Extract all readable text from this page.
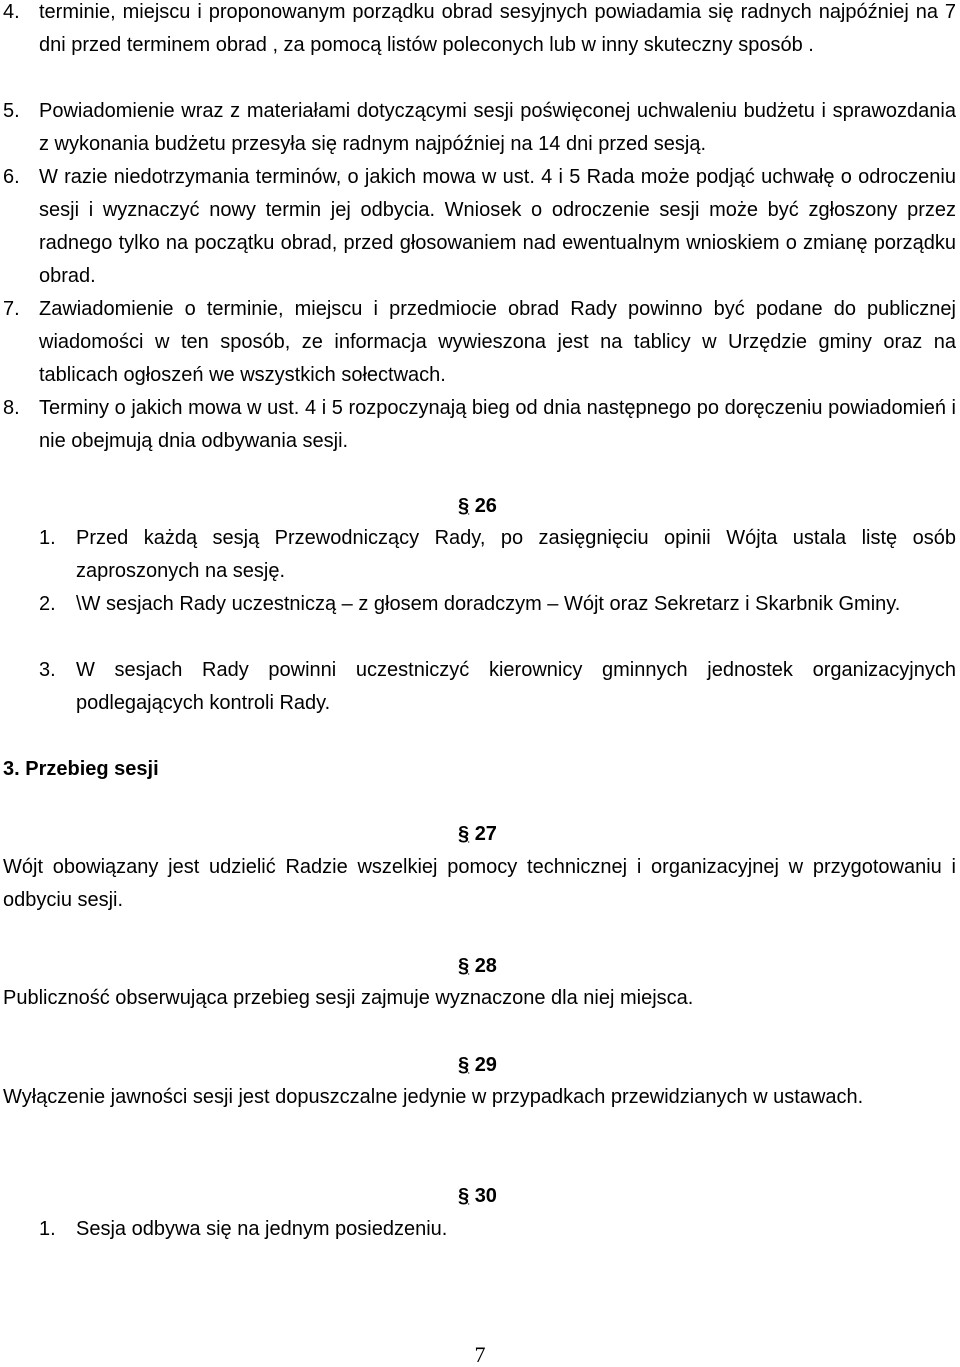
4. terminie, miejscu i proponowanym porządku obrad sesyjnych powiadamia się radnych najpóźniej na 7 dni przed terminem obrad , za pomocą listów poleconych lub w inny skuteczny sposób .
5. Powiadomienie wraz z materiałami dotyczącymi sesji poświęconej uchwaleniu budżetu i sprawozdania z wykonania budżetu przesyła się radnym najpóźniej na 14 dni przed sesją.
6. W razie niedotrzymania terminów, o jakich mowa w ust. 4 i 5 Rada może podjąć uchwałę o odroczeniu sesji i wyznaczyć nowy termin jej odbycia. Wniosek o odroczenie sesji może być zgłoszony przez radnego tylko na początku obrad, przed głosowaniem nad ewentualnym wnioskiem o zmianę porządku obrad.
7. Zawiadomienie o terminie, miejscu i przedmiocie obrad Rady powinno być podane do publicznej wiadomości w ten sposób, ze informacja wywieszona jest na tablicy w Urzędzie gminy oraz na tablicach ogłoszeń we wszystkich sołectwach.
8. Terminy o jakich mowa w ust. 4 i 5 rozpoczynają bieg od dnia następnego po doręczeniu powiadomień i nie obejmują dnia odbywania sesji.
§ 26
1. Przed każdą sesją Przewodniczący Rady, po zasięgnięciu opinii Wójta ustala listę osób zaproszonych na sesję.
2. \W sesjach Rady uczestniczą – z głosem doradczym – Wójt oraz Sekretarz i Skarbnik Gminy.
3. W sesjach Rady powinni uczestniczyć kierownicy gminnych jednostek organizacyjnych podlegających kontroli Rady.
3. Przebieg sesji
§ 27
Wójt obowiązany jest udzielić Radzie wszelkiej pomocy technicznej i organizacyjnej w przygotowaniu i odbyciu sesji.
§ 28
Publiczność obserwująca przebieg sesji zajmuje wyznaczone dla niej miejsca.
§ 29
Wyłączenie jawności sesji jest dopuszczalne jedynie w przypadkach przewidzianych w ustawach.
§ 30
1. Sesja odbywa się na jednym posiedzeniu.
7
